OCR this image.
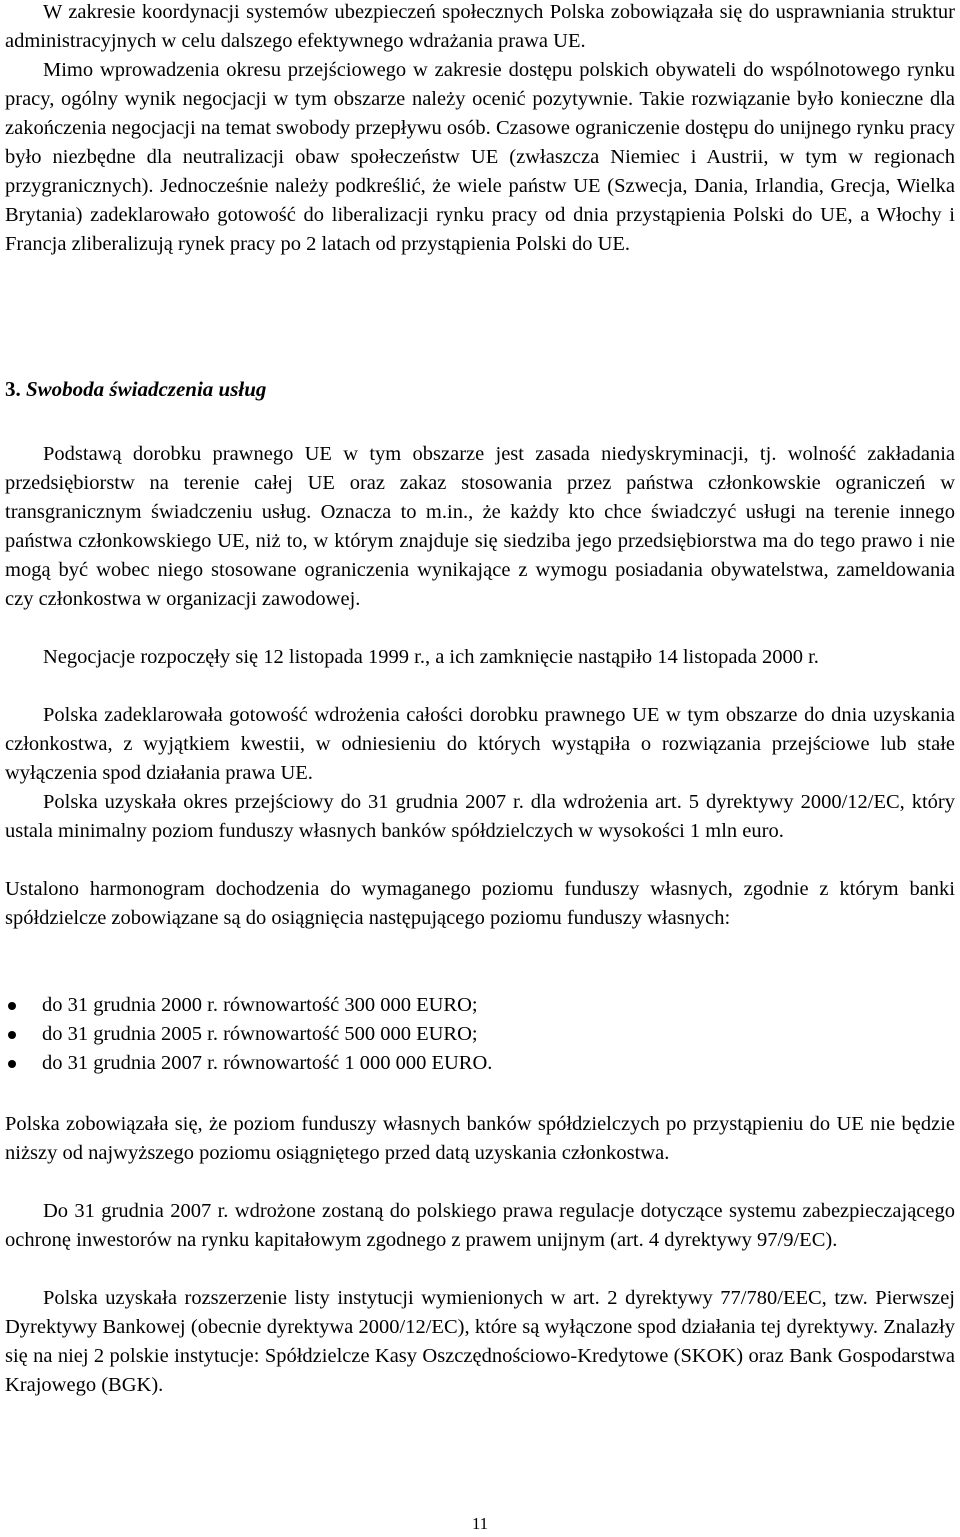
W zakresie koordynacji systemów ubezpieczeń społecznych Polska zobowiązała się do usprawniania struktur administracyjnych w celu dalszego efektywnego wdrażania prawa UE.

Mimo wprowadzenia okresu przejściowego w zakresie dostępu polskich obywateli do wspólnotowego rynku pracy, ogólny wynik negocjacji w tym obszarze należy ocenić pozytywnie. Takie rozwiązanie było konieczne dla zakończenia negocjacji na temat swobody przepływu osób. Czasowe ograniczenie dostępu do unijnego rynku pracy było niezbędne dla neutralizacji obaw społeczeństw UE (zwłaszcza Niemiec i Austrii, w tym w regionach przygranicznych). Jednocześnie należy podkreślić, że wiele państw UE (Szwecja, Dania, Irlandia, Grecja, Wielka Brytania) zadeklarowało gotowość do liberalizacji rynku pracy od dnia przystąpienia Polski do UE, a Włochy i Francja zliberalizują rynek pracy po 2 latach od przystąpienia Polski do UE.

3. Swoboda świadczenia usług

Podstawą dorobku prawnego UE w tym obszarze jest zasada niedyskryminacji, tj. wolność zakładania przedsiębiorstw na terenie całej UE oraz zakaz stosowania przez państwa członkowskie ograniczeń w transgranicznym świadczeniu usług. Oznacza to m.in., że każdy kto chce świadczyć usługi na terenie innego państwa członkowskiego UE, niż to, w którym znajduje się siedziba jego przedsiębiorstwa ma do tego prawo i nie mogą być wobec niego stosowane ograniczenia wynikające z wymogu posiadania obywatelstwa, zameldowania czy członkostwa w organizacji zawodowej.

Negocjacje rozpoczęły się 12 listopada 1999 r., a ich zamknięcie nastąpiło 14 listopada 2000 r.

Polska zadeklarowała gotowość wdrożenia całości dorobku prawnego UE w tym obszarze do dnia uzyskania członkostwa, z wyjątkiem kwestii, w odniesieniu do których wystąpiła o rozwiązania przejściowe lub stałe wyłączenia spod działania prawa UE.

Polska uzyskała okres przejściowy do 31 grudnia 2007 r. dla wdrożenia art. 5 dyrektywy 2000/12/EC, który ustala minimalny poziom funduszy własnych banków spółdzielczych w wysokości 1 mln euro.

Ustalono harmonogram dochodzenia do wymaganego poziomu funduszy własnych, zgodnie z którym banki spółdzielcze zobowiązane są do osiągnięcia następującego poziomu funduszy własnych:

do 31 grudnia 2000 r. równowartość 300 000 EURO;
do 31 grudnia 2005 r. równowartość 500 000 EURO;
do 31 grudnia 2007 r. równowartość 1 000 000 EURO.

Polska zobowiązała się, że poziom funduszy własnych banków spółdzielczych po przystąpieniu do UE nie będzie niższy od najwyższego poziomu osiągniętego przed datą uzyskania członkostwa.

Do 31 grudnia 2007 r. wdrożone zostaną do polskiego prawa regulacje dotyczące systemu zabezpieczającego ochronę inwestorów na rynku kapitałowym zgodnego z prawem unijnym (art. 4 dyrektywy 97/9/EC).

Polska uzyskała rozszerzenie listy instytucji wymienionych w art. 2 dyrektywy 77/780/EEC, tzw. Pierwszej Dyrektywy Bankowej (obecnie dyrektywa 2000/12/EC), które są wyłączone spod działania tej dyrektywy. Znalazły się na niej 2 polskie instytucje: Spółdzielcze Kasy Oszczędnościowo-Kredytowe (SKOK) oraz Bank Gospodarstwa Krajowego (BGK).

11
